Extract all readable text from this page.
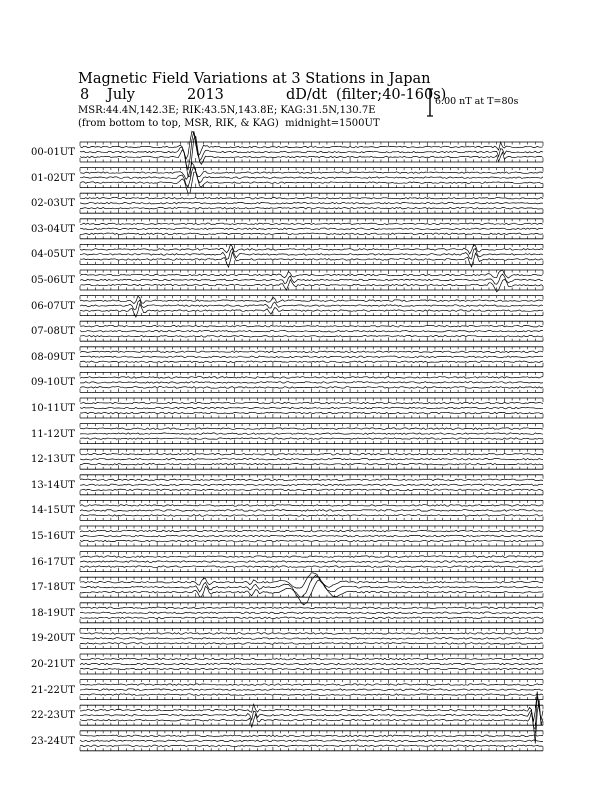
Magnetic Field Variations at 3 Stations in Japan
8 July	2013	dD/dt (filter;40-160s)
MSR:44.4N,142.3E; RIK:43.5N,143.8E; KAG:31.5N,130.7E
(from bottom to top, MSR, RIK, & KAG) midnight=1500UT
6.00 nT at T=80s
00-01UT
01-02UT
02-03UT
03-04UT
04-05UT
05-06UT
06-07UT
07-08UT
08-09UT
09-10UT
10-11UT
11-12UT
12-13UT
13-14UT
14-15UT
15-16UT
16-17UT
17-18UT
18-19UT
19-20UT
20-21UT
21-22UT
22-23UT
23-24UT
